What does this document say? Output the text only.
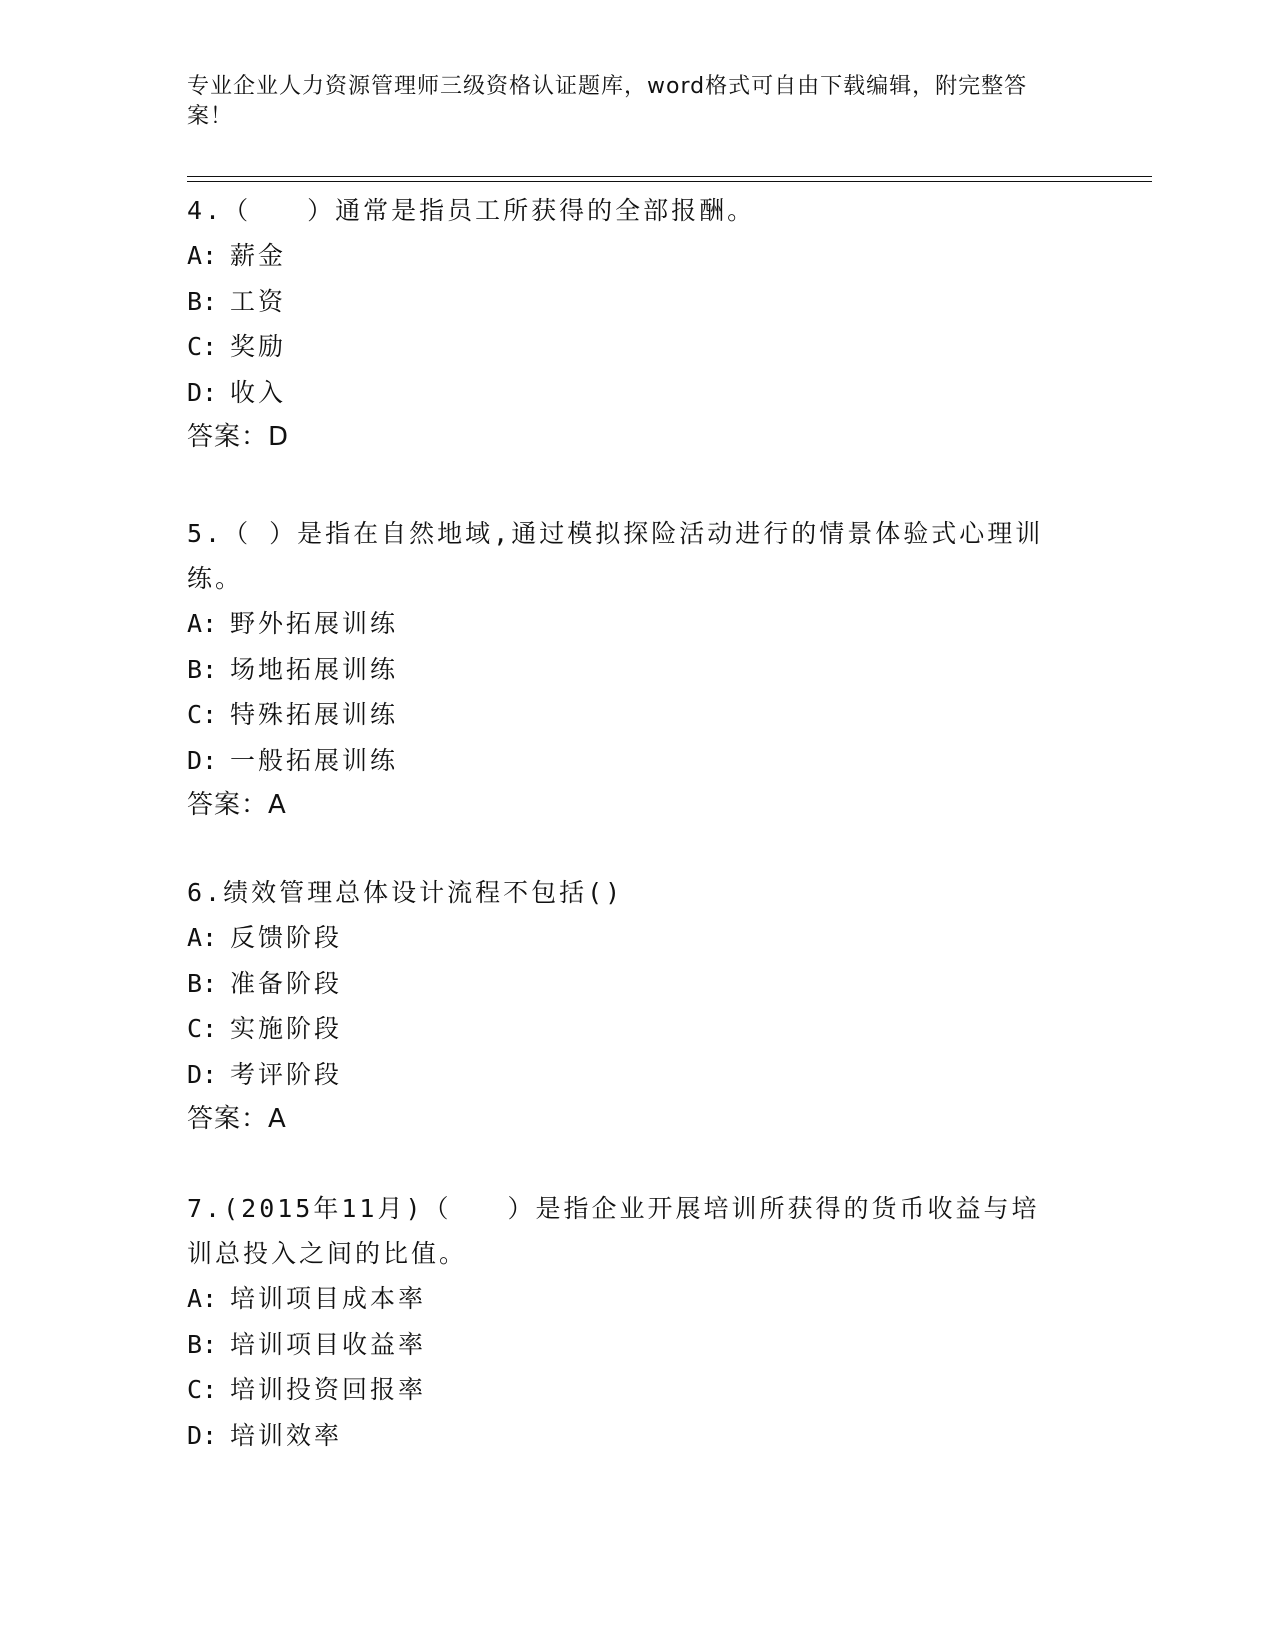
专业企业人力资源管理师三级资格认证题库，word格式可自由下载编辑，附完整答案！
4.（　　）通常是指员工所获得的全部报酬。
A: 薪金
B: 工资
C: 奖励
D: 收入
答案：D
5.（ ）是指在自然地域,通过模拟探险活动进行的情景体验式心理训练。
A: 野外拓展训练
B: 场地拓展训练
C: 特殊拓展训练
D: 一般拓展训练
答案：A
6.绩效管理总体设计流程不包括()
A: 反馈阶段
B: 准备阶段
C: 实施阶段
D: 考评阶段
答案：A
7.(2015年11月)（　　）是指企业开展培训所获得的货币收益与培训总投入之间的比值。
A: 培训项目成本率
B: 培训项目收益率
C: 培训投资回报率
D: 培训效率
